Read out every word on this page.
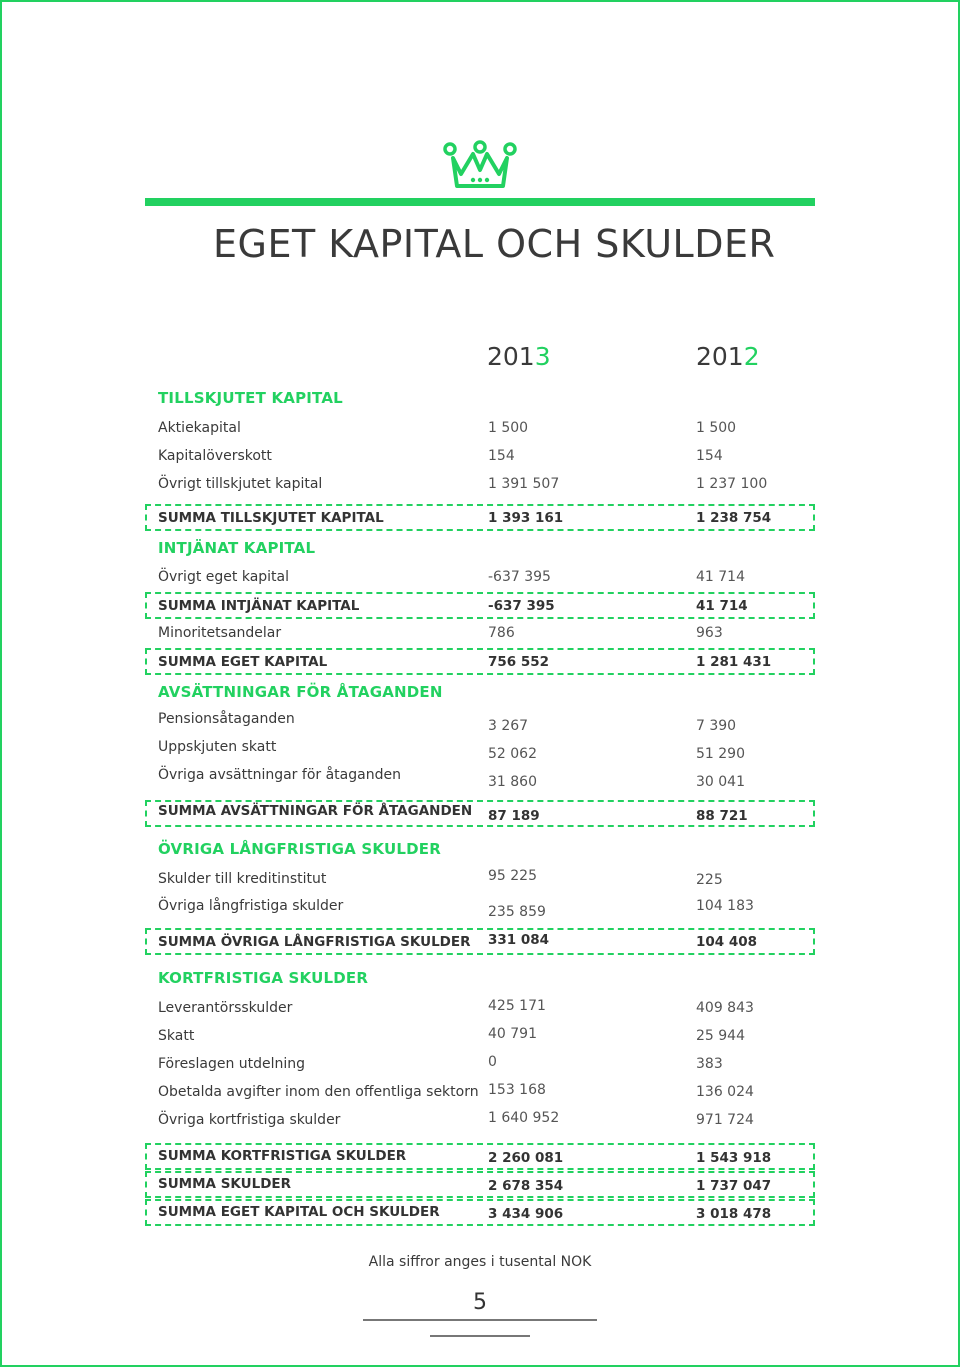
EGET KAPITAL OCH SKULDER
2013	2012
TILLSKJUTET KAPITAL
Aktiekapital	1 500	1 500
Kapitalöverskott	154	154
Övrigt tillskjutet kapital	1 391 507	1 237 100
SUMMA TILLSKJUTET KAPITAL	1 393 161	1 238 754
INTJÄNAT KAPITAL
Övrigt eget kapital	-637 395	41 714
SUMMA INTJÄNAT KAPITAL	-637 395	41 714
Minoritetsandelar	786	963
SUMMA EGET KAPITAL	756 552	1 281 431
AVSÄTTNINGAR FÖR ÅTAGANDEN
Pensionsåtaganden	3 267	7 390
Uppskjuten skatt	52 062	51 290
Övriga avsättningar för åtaganden	31 860	30 041
SUMMA AVSÄTTNINGAR FÖR ÅTAGANDEN 87 189	88 721
ÖVRIGA LÅNGFRISTIGA SKULDER
Skulder till kreditinstitut	95 225	225
Övriga långfristiga skulder	235 859	104 183
SUMMA ÖVRIGA LÅNGFRISTIGA SKULDER 331 084	104 408
KORTFRISTIGA SKULDER
Leverantörsskulder	425 171	409 843
Skatt	40 791	25 944
Föreslagen utdelning	0	383
Obetalda avgifter inom den offentliga sektorn 153 168	136 024
Övriga kortfristiga skulder	1 640 952	971 724
SUMMA KORTFRISTIGA SKULDER	2 260 081	1 543 918
SUMMA SKULDER	2 678 354	1 737 047
SUMMA EGET KAPITAL OCH SKULDER	3 434 906	3 018 478
Alla siffror anges i tusental NOK
5
